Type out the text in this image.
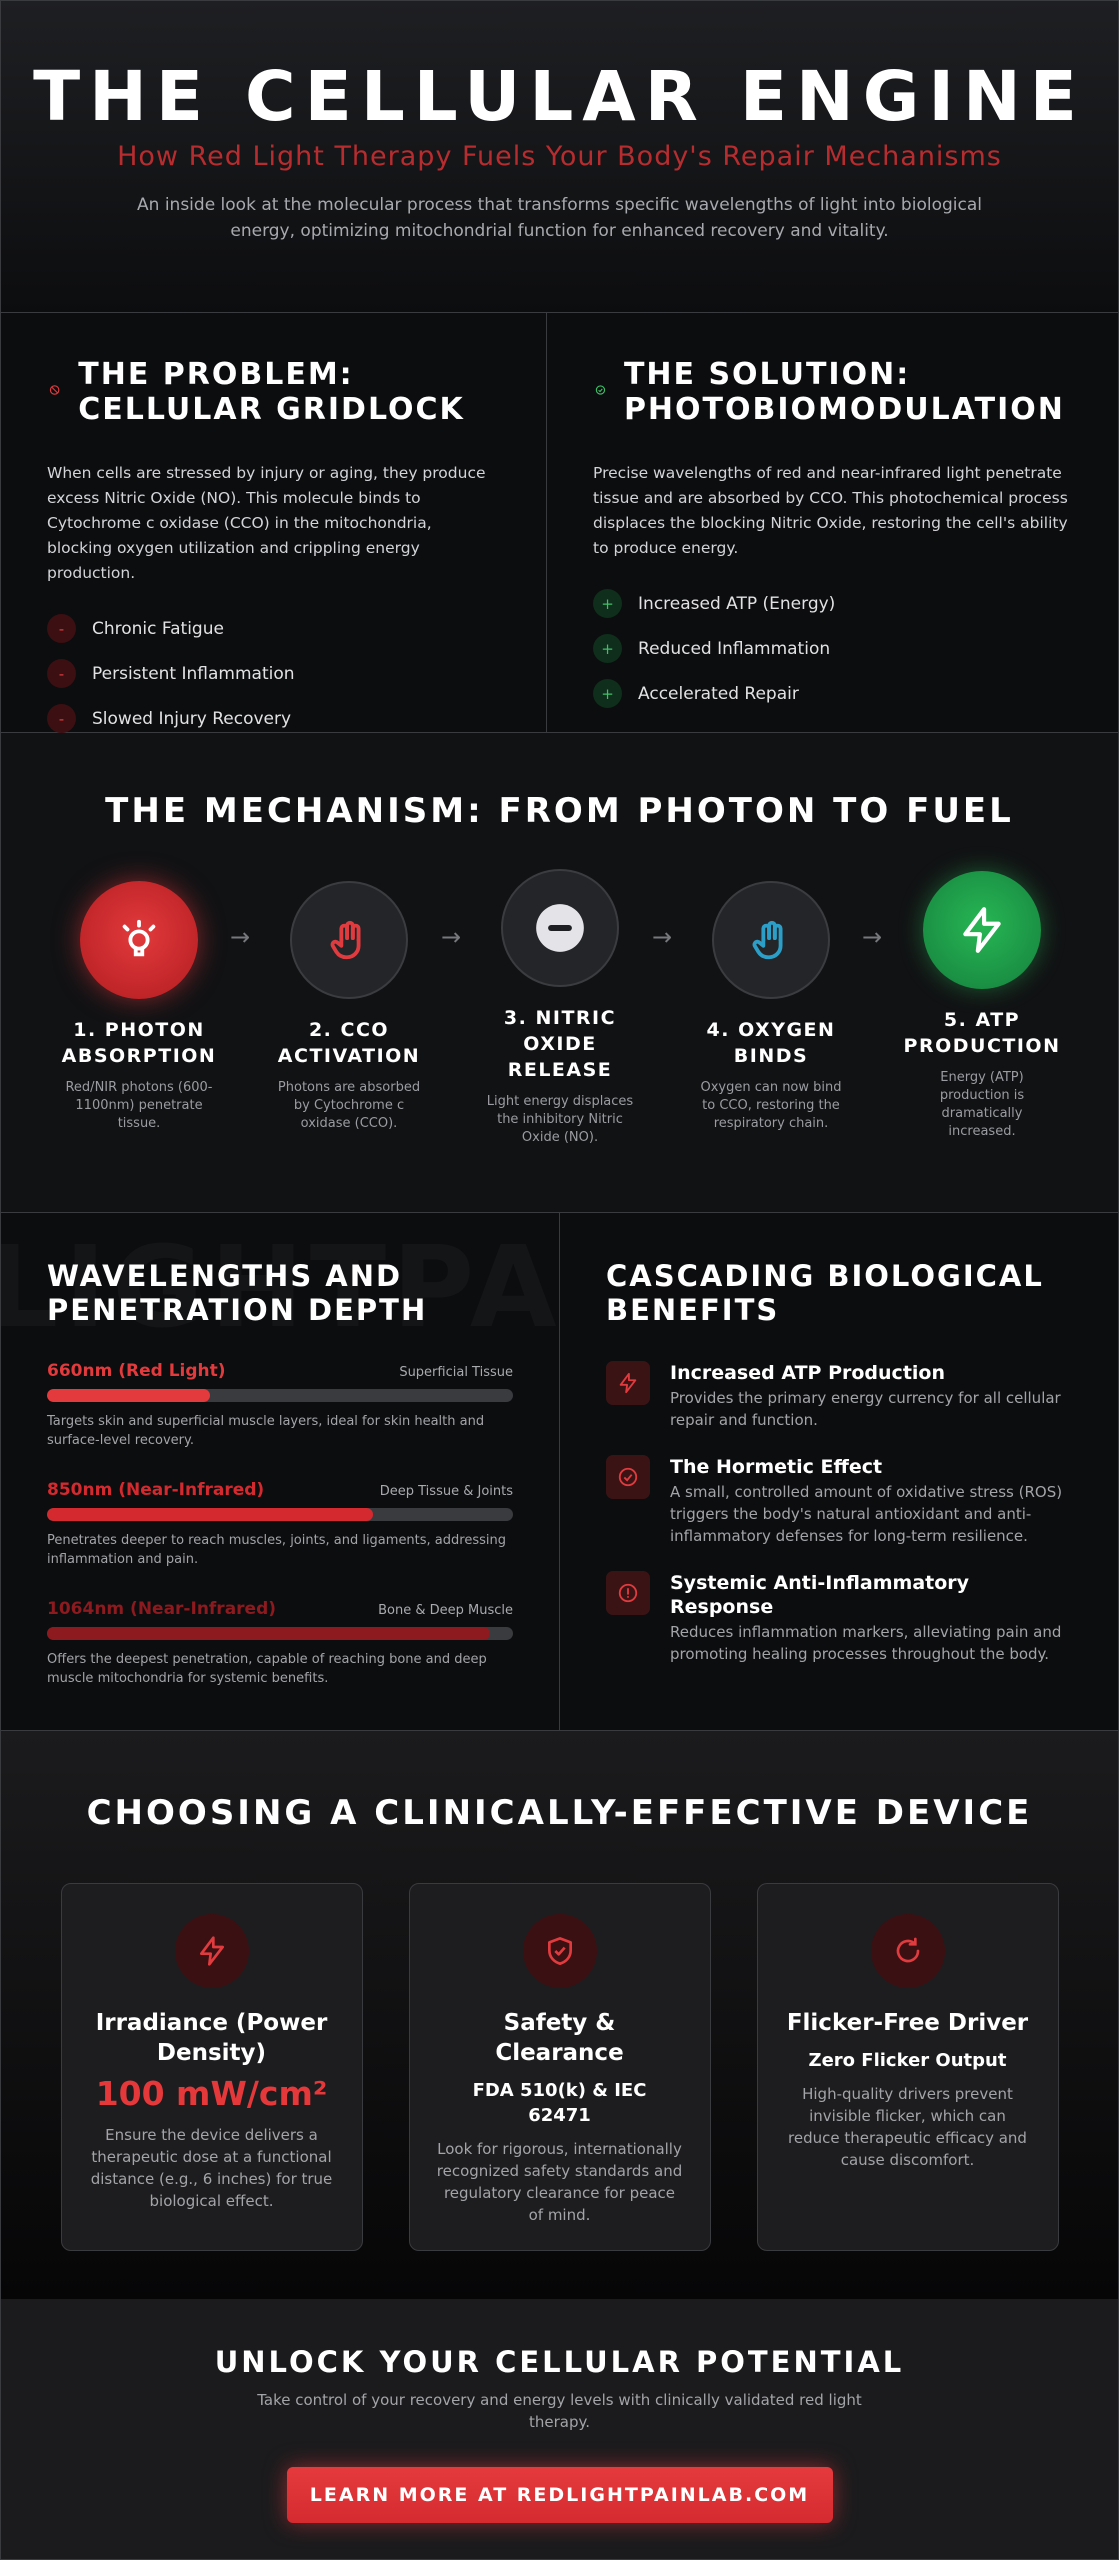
THE CELLULAR ENGINE
How Red Light Therapy Fuels Your Body's Repair Mechanisms

An inside look at the molecular process that transforms specific wavelengths of light into biological energy, optimizing mitochondrial function for enhanced recovery and vitality.

THE PROBLEM: CELLULAR GRIDLOCK

When cells are stressed by injury or aging, they produce excess Nitric Oxide (NO). This molecule binds to Cytochrome c oxidase (CCO) in the mitochondria, blocking oxygen utilization and crippling energy production.

-	Chronic Fatigue
-	Persistent Inflammation
-	Slowed Injury Recovery
THE SOLUTION: PHOTOBIOMODULATION

Precise wavelengths of red and near-infrared light penetrate tissue and are absorbed by CCO. This photochemical process displaces the blocking Nitric Oxide, restoring the cell's ability to produce energy.

+	Increased ATP (Energy)
+	Reduced Inflammation
+	Accelerated Repair
THE MECHANISM: FROM PHOTON TO FUEL
1. PHOTON ABSORPTION
Red/NIR photons (600-1100nm) penetrate tissue.
→
2. CCO ACTIVATION
Photons are absorbed by Cytochrome c oxidase (CCO).
→
3. NITRIC OXIDE RELEASE
Light energy displaces the inhibitory Nitric Oxide (NO).
→
4. OXYGEN BINDS
Oxygen can now bind to CCO, restoring the respiratory chain.
→
5. ATP PRODUCTION
Energy (ATP) production is dramatically increased.
WAVELENGTHS AND PENETRATION DEPTH
660nm (Red Light)	Superficial Tissue
Targets skin and superficial muscle layers, ideal for skin health and surface-level recovery.
850nm (Near-Infrared)	Deep Tissue & Joints
Penetrates deeper to reach muscles, joints, and ligaments, addressing inflammation and pain.
1064nm (Near-Infrared)	Bone & Deep Muscle
Offers the deepest penetration, capable of reaching bone and deep muscle mitochondria for systemic benefits.
CASCADING BIOLOGICAL BENEFITS
Increased ATP Production

Provides the primary energy currency for all cellular repair and function.

The Hormetic Effect

A small, controlled amount of oxidative stress (ROS) triggers the body's natural antioxidant and anti-inflammatory defenses for long-term resilience.

Systemic Anti-Inflammatory Response

Reduces inflammation markers, alleviating pain and promoting healing processes throughout the body.

CHOOSING A CLINICALLY-EFFECTIVE DEVICE
Irradiance (Power Density)
100 mW/cm²

Ensure the device delivers a therapeutic dose at a functional distance (e.g., 6 inches) for true biological effect.

Safety & Clearance
FDA 510(k) & IEC 62471

Look for rigorous, internationally recognized safety standards and regulatory clearance for peace of mind.

Flicker-Free Driver
Zero Flicker Output

High-quality drivers prevent invisible flicker, which can reduce therapeutic efficacy and cause discomfort.

UNLOCK YOUR CELLULAR POTENTIAL

Take control of your recovery and energy levels with clinically validated red light therapy.

LEARN MORE AT REDLIGHTPAINLAB.COM
